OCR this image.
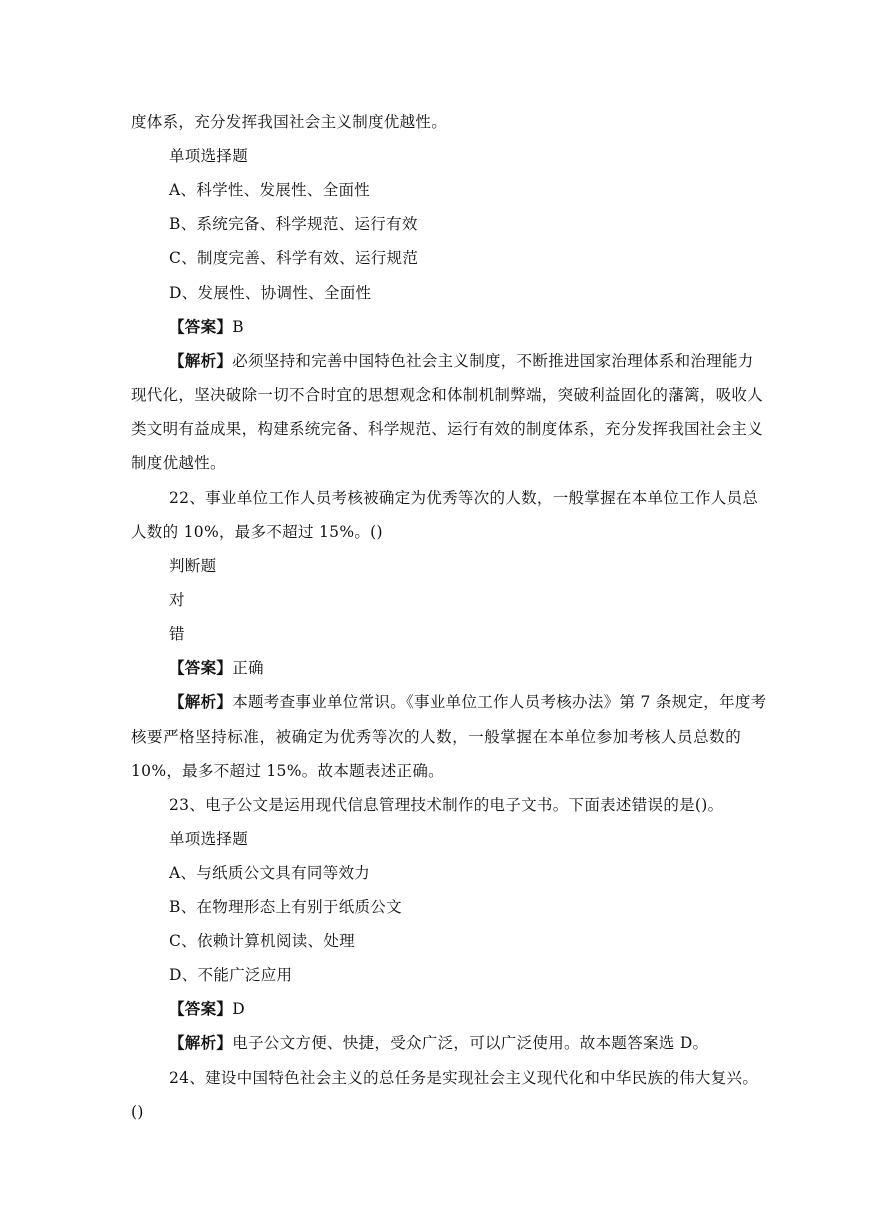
度体系，充分发挥我国社会主义制度优越性。
单项选择题
A、科学性、发展性、全面性
B、系统完备、科学规范、运行有效
C、制度完善、科学有效、运行规范
D、发展性、协调性、全面性
【答案】B
【解析】必须坚持和完善中国特色社会主义制度，不断推进国家治理体系和治理能力
现代化，坚决破除一切不合时宜的思想观念和体制机制弊端，突破利益固化的藩篱，吸收人
类文明有益成果，构建系统完备、科学规范、运行有效的制度体系，充分发挥我国社会主义
制度优越性。
22、事业单位工作人员考核被确定为优秀等次的人数，一般掌握在本单位工作人员总
人数的 10%，最多不超过 15%。()
判断题
对
错
【答案】正确
【解析】本题考查事业单位常识。《事业单位工作人员考核办法》第 7 条规定，年度考
核要严格坚持标准，被确定为优秀等次的人数，一般掌握在本单位参加考核人员总数的
10%，最多不超过 15%。故本题表述正确。
23、电子公文是运用现代信息管理技术制作的电子文书。下面表述错误的是()。
单项选择题
A、与纸质公文具有同等效力
B、在物理形态上有别于纸质公文
C、依赖计算机阅读、处理
D、不能广泛应用
【答案】D
【解析】电子公文方便、快捷，受众广泛，可以广泛使用。故本题答案选 D。
24、建设中国特色社会主义的总任务是实现社会主义现代化和中华民族的伟大复兴。
()
